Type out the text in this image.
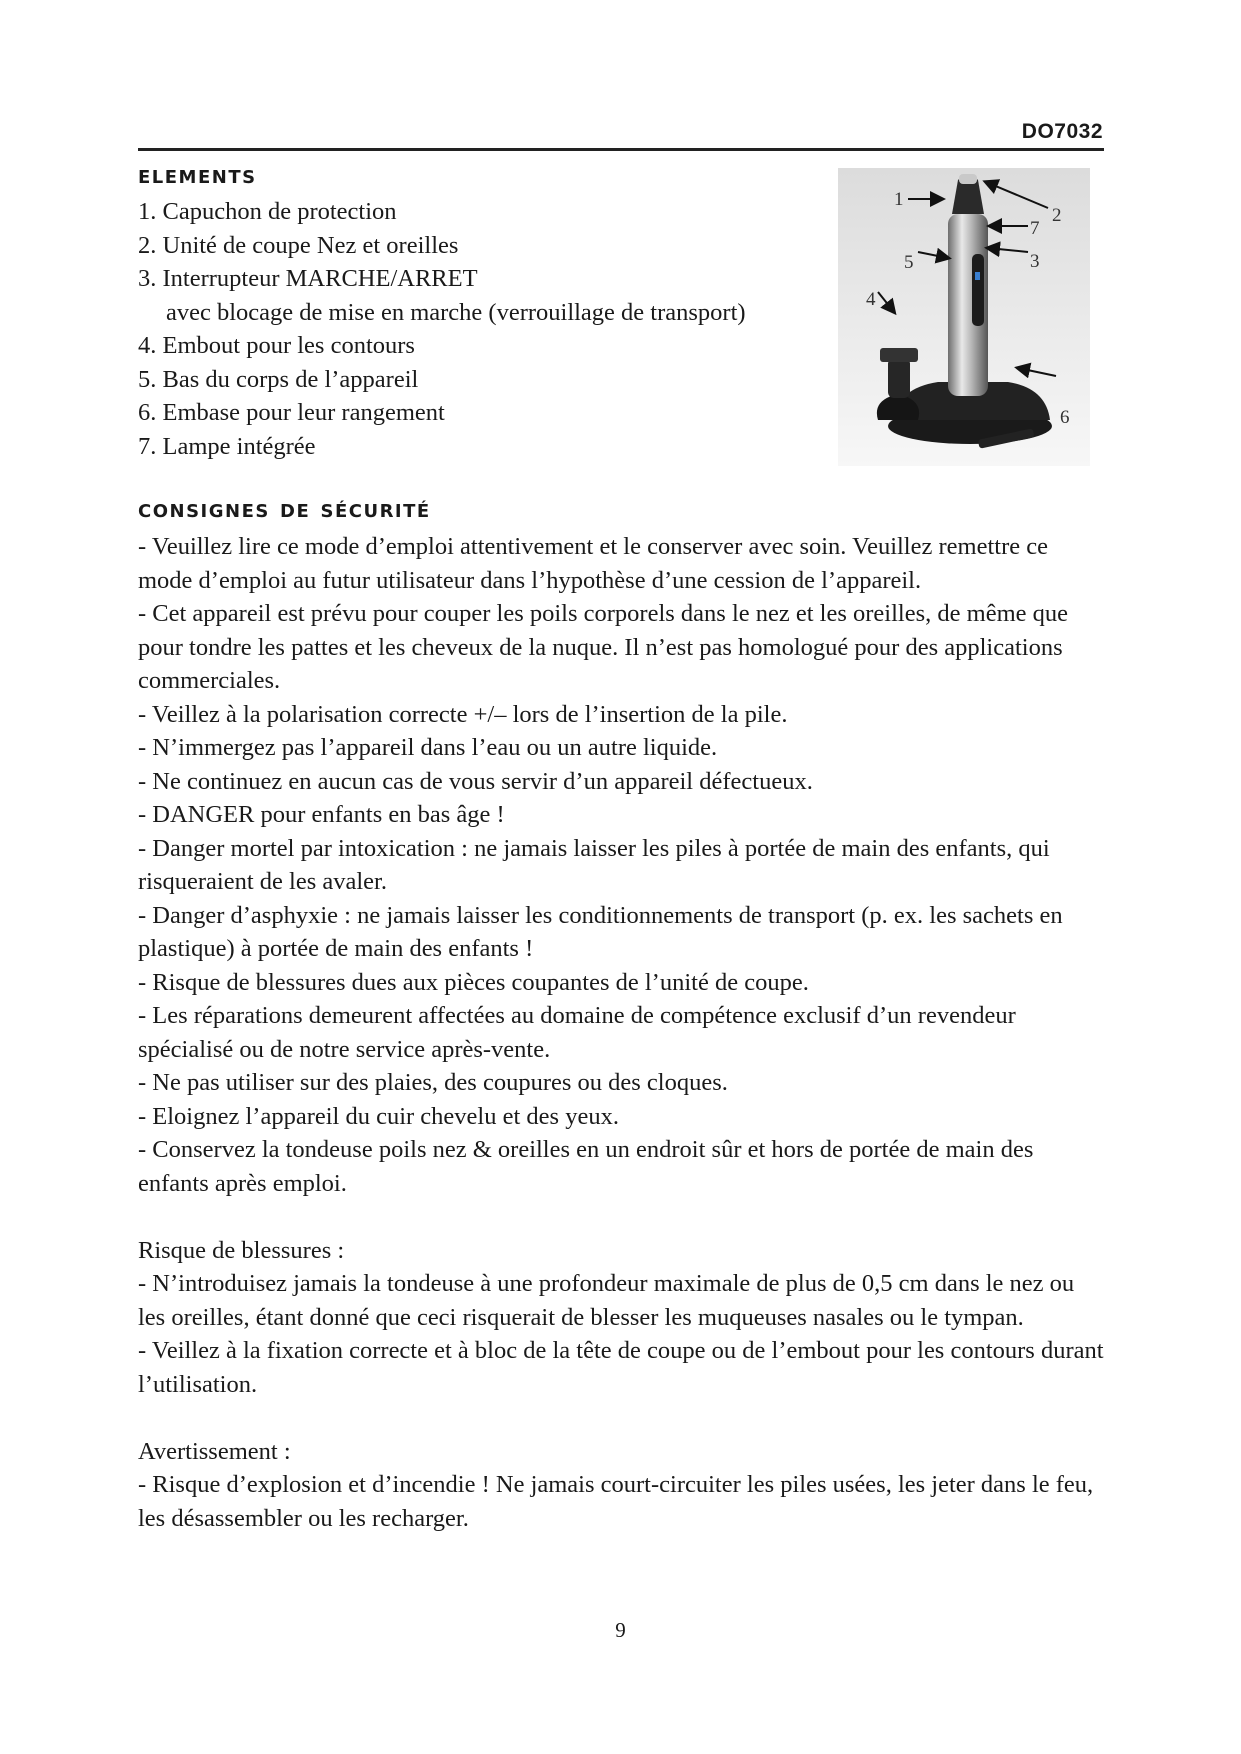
DO7032
elements
1. Capuchon de protection
2. Unité de coupe Nez et oreilles
3. Interrupteur MARCHE/ARRET
avec blocage de mise en marche (verrouillage de transport)
4. Embout pour les contours
5. Bas du corps de l’appareil
6. Embase pour leur rangement
7. Lampe intégrée
1
2
7
5	3
4
6
consignes de sécurité

- Veuillez lire ce mode d’emploi attentivement et le conserver avec soin. Veuillez remettre ce mode d’emploi au futur utilisateur dans l’hypothèse d’une cession de l’appareil.

- Cet appareil est prévu pour couper les poils corporels dans le nez et les oreilles, de même que pour tondre les pattes et les cheveux de la nuque. Il n’est pas homologué pour des applications commerciales.

- Veillez à la polarisation correcte +/– lors de l’insertion de la pile.

- N’immergez pas l’appareil dans l’eau ou un autre liquide.

- Ne continuez en aucun cas de vous servir d’un appareil défectueux.

- DANGER pour enfants en bas âge !

- Danger mortel par intoxication : ne jamais laisser les piles à portée de main des enfants, qui risqueraient de les avaler.

- Danger d’asphyxie : ne jamais laisser les conditionnements de transport (p. ex. les sachets en plastique) à portée de main des enfants !

- Risque de blessures dues aux pièces coupantes de l’unité de coupe.

- Les réparations demeurent affectées au domaine de compétence exclusif d’un revendeur spécialisé ou de notre service après-vente.

- Ne pas utiliser sur des plaies, des coupures ou des cloques.

- Eloignez l’appareil du cuir chevelu et des yeux.

- Conservez la tondeuse poils nez & oreilles en un endroit sûr et hors de portée de main des enfants après emploi.

Risque de blessures :

- N’introduisez jamais la tondeuse à une profondeur maximale de plus de 0,5 cm dans le nez ou les oreilles, étant donné que ceci risquerait de blesser les muqueuses nasales ou le tympan.

- Veillez à la fixation correcte et à bloc de la tête de coupe ou de l’embout pour les contours durant l’utilisation.

Avertissement :

- Risque d’explosion et d’incendie ! Ne jamais court-circuiter les piles usées, les jeter dans le feu, les désassembler ou les recharger.

9
